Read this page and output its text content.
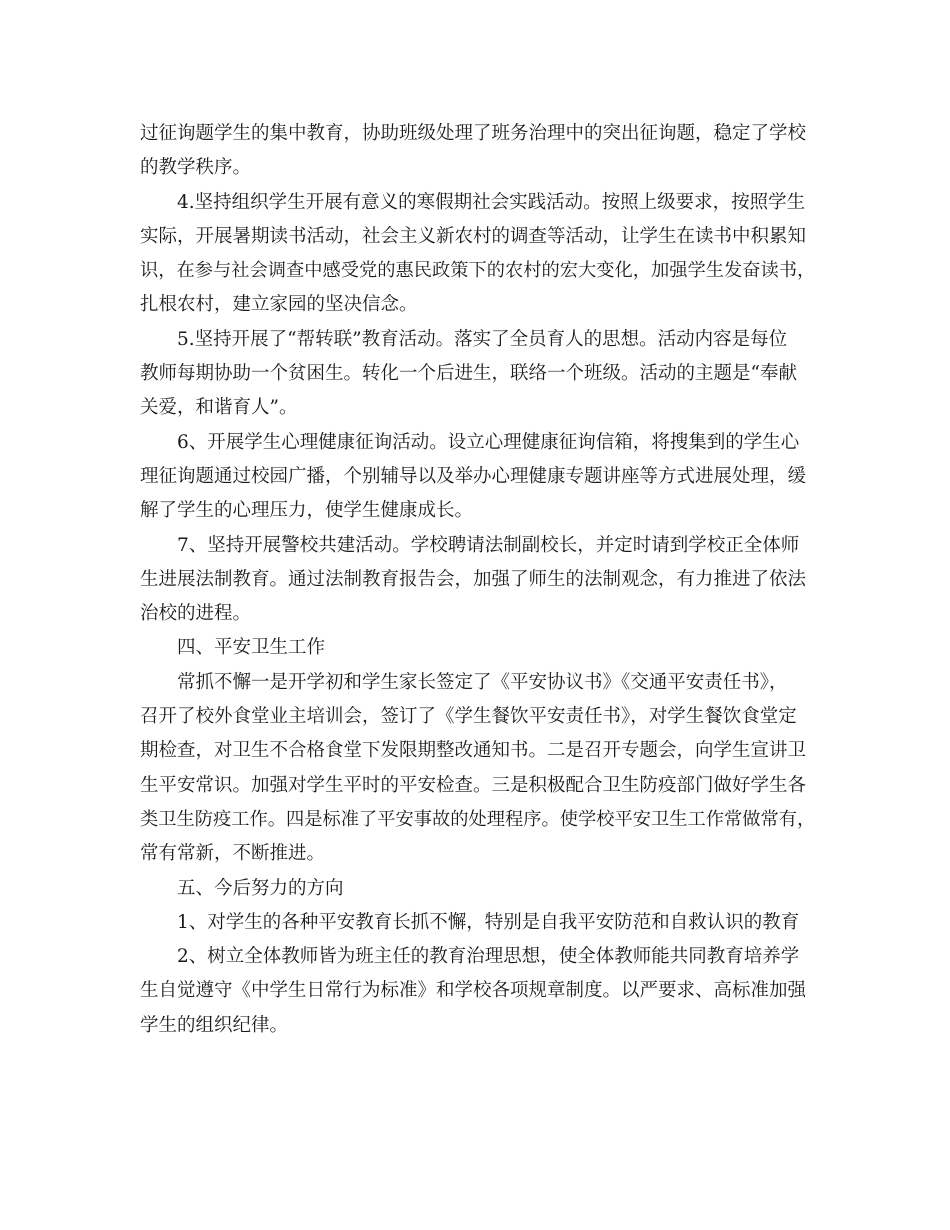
过征询题学生的集中教育，协助班级处理了班务治理中的突出征询题，稳定了学校
的教学秩序。
4.坚持组织学生开展有意义的寒假期社会实践活动。按照上级要求，按照学生
实际，开展暑期读书活动，社会主义新农村的调查等活动，让学生在读书中积累知
识，在参与社会调查中感受党的惠民政策下的农村的宏大变化，加强学生发奋读书，
扎根农村，建立家园的坚决信念。
5.坚持开展了“帮转联”教育活动。落实了全员育人的思想。活动内容是每位
教师每期协助一个贫困生。转化一个后进生，联络一个班级。活动的主题是“奉献
关爱，和谐育人”。
6、开展学生心理健康征询活动。设立心理健康征询信箱，将搜集到的学生心
理征询题通过校园广播，个别辅导以及举办心理健康专题讲座等方式进展处理，缓
解了学生的心理压力，使学生健康成长。
7、坚持开展警校共建活动。学校聘请法制副校长，并定时请到学校正全体师
生进展法制教育。通过法制教育报告会，加强了师生的法制观念，有力推进了依法
治校的进程。
四、平安卫生工作
常抓不懈一是开学初和学生家长签定了《平安协议书》《交通平安责任书》，
召开了校外食堂业主培训会，签订了《学生餐饮平安责任书》，对学生餐饮食堂定
期检查，对卫生不合格食堂下发限期整改通知书。二是召开专题会，向学生宣讲卫
生平安常识。加强对学生平时的平安检查。三是积极配合卫生防疫部门做好学生各
类卫生防疫工作。四是标准了平安事故的处理程序。使学校平安卫生工作常做常有，
常有常新，不断推进。
五、今后努力的方向
1、对学生的各种平安教育长抓不懈，特别是自我平安防范和自救认识的教育
2、树立全体教师皆为班主任的教育治理思想，使全体教师能共同教育培养学
生自觉遵守《中学生日常行为标准》和学校各项规章制度。以严要求、高标准加强
学生的组织纪律。
